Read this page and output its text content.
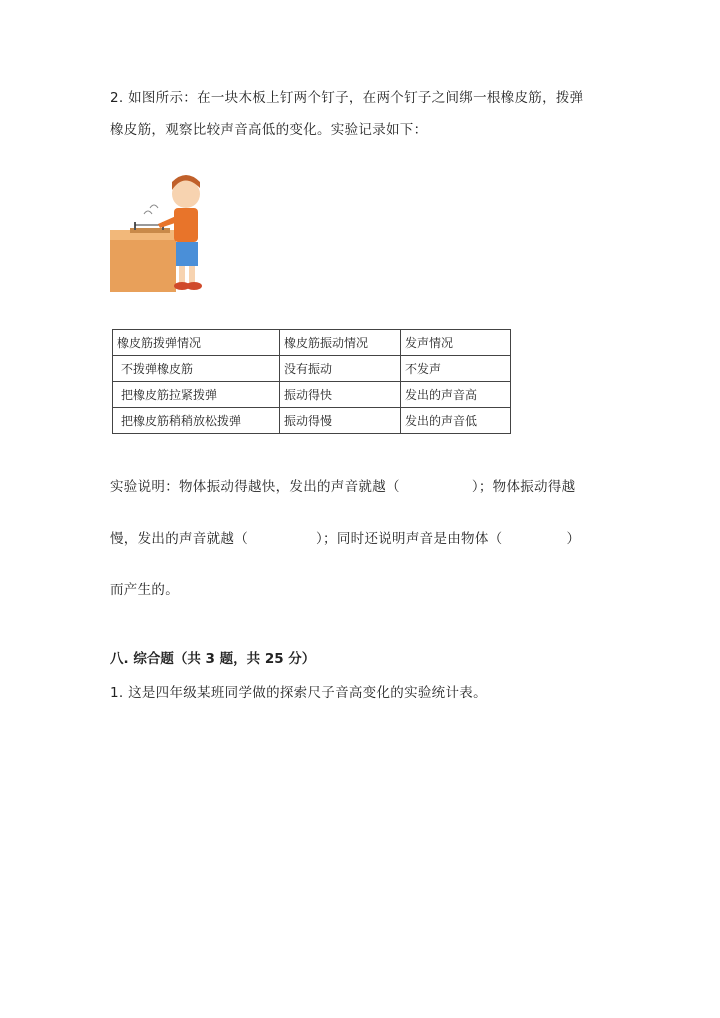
2. 如图所示：在一块木板上钉两个钉子，在两个钉子之间绑一根橡皮筋，拨弹
橡皮筋，观察比较声音高低的变化。实验记录如下：
橡皮筋拨弹情况	橡皮筋振动情况	发声情况
不拨弹橡皮筋	没有振动	不发声
把橡皮筋拉紧拨弹	振动得快	发出的声音高
把橡皮筋稍稍放松拨弹	振动得慢	发出的声音低
实验说明：物体振动得越快，发出的声音就越（	）；物体振动得越
慢，发出的声音就越（	）；同时还说明声音是由物体（	）
而产生的。
八. 综合题（共 3 题，共 25 分）
1. 这是四年级某班同学做的探索尺子音高变化的实验统计表。
